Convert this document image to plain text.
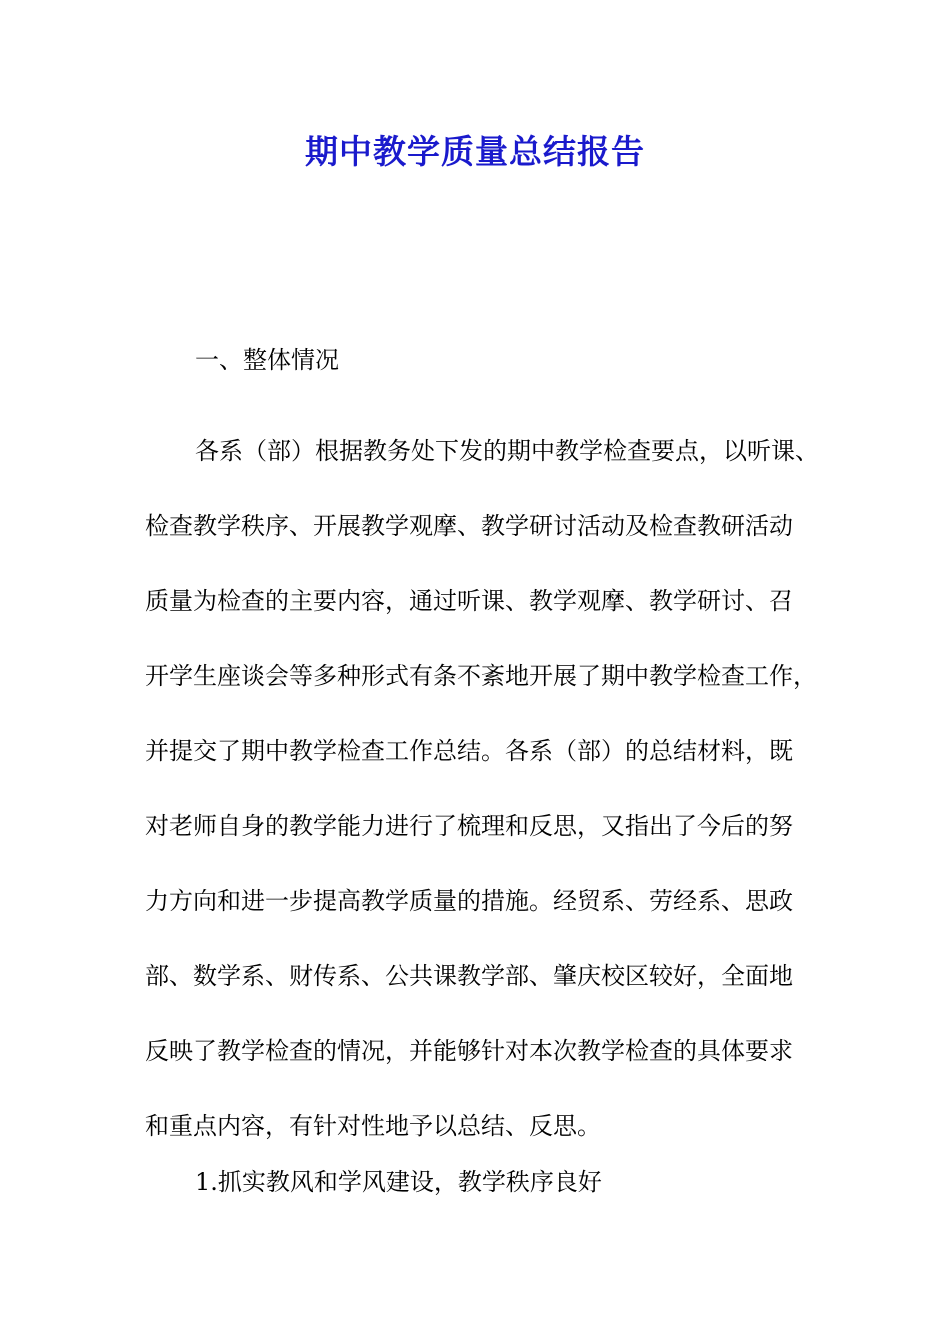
期中教学质量总结报告
一、整体情况
各系（部）根据教务处下发的期中教学检查要点，以听课、
检查教学秩序、开展教学观摩、教学研讨活动及检查教研活动
质量为检查的主要内容，通过听课、教学观摩、教学研讨、召
开学生座谈会等多种形式有条不紊地开展了期中教学检查工作，
并提交了期中教学检查工作总结。各系（部）的总结材料，既
对老师自身的教学能力进行了梳理和反思，又指出了今后的努
力方向和进一步提高教学质量的措施。经贸系、劳经系、思政
部、数学系、财传系、公共课教学部、肇庆校区较好，全面地
反映了教学检查的情况，并能够针对本次教学检查的具体要求
和重点内容，有针对性地予以总结、反思。
1.抓实教风和学风建设，教学秩序良好
